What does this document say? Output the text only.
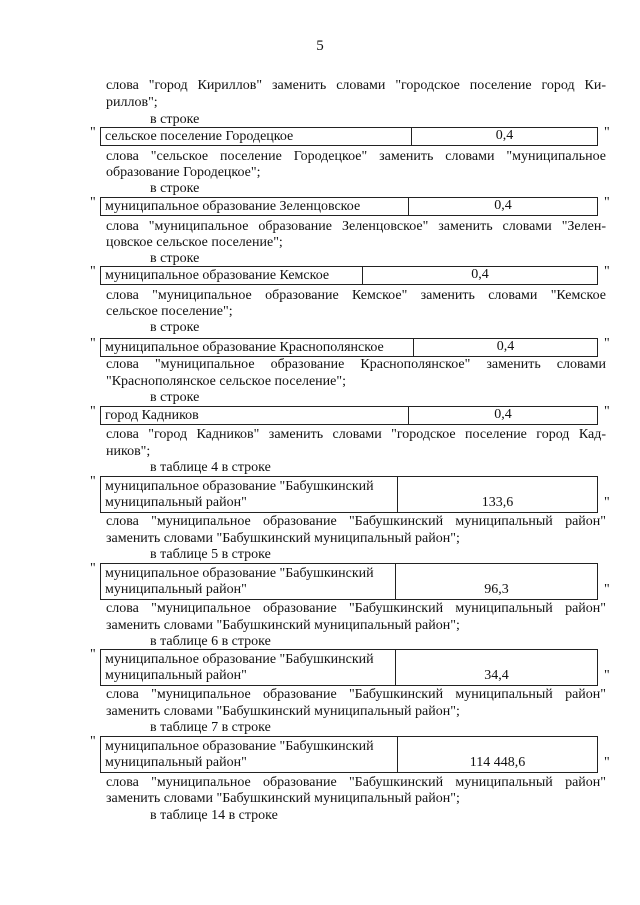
5
слова "город Кириллов" заменить словами "городское поселение город Ки-
риллов";
в строке
" сельское поселение Городецкое	0,4	"
слова "сельское поселение Городецкое" заменить словами "муниципальное
образование Городецкое";
в строке
" муниципальное образование Зеленцовское	0,4	"
слова "муниципальное образование Зеленцовское" заменить словами "Зелен-
цовское сельское поселение";
в строке
" муниципальное образование Кемское	0,4	"
слова "муниципальное образование Кемское" заменить словами "Кемское
сельское поселение";
в строке
" муниципальное образование Краснополянское	0,4	"
слова "муниципальное образование Краснополянское" заменить словами
"Краснополянское сельское поселение";
в строке
" город Кадников	0,4	"
слова "город Кадников" заменить словами "городское поселение город Кад-
ников";
в таблице 4 в строке
" муниципальное образование "Бабушкинский
муниципальный район"	133,6	"
слова "муниципальное образование "Бабушкинский муниципальный район"
заменить словами "Бабушкинский муниципальный район";
в таблице 5 в строке
" муниципальное образование "Бабушкинский
муниципальный район"	96,3	"
слова "муниципальное образование "Бабушкинский муниципальный район"
заменить словами "Бабушкинский муниципальный район";
в таблице 6 в строке
" муниципальное образование "Бабушкинский
муниципальный район"	34,4	"
слова "муниципальное образование "Бабушкинский муниципальный район"
заменить словами "Бабушкинский муниципальный район";
в таблице 7 в строке
" муниципальное образование "Бабушкинский
муниципальный район"	114 448,6	"
слова "муниципальное образование "Бабушкинский муниципальный район"
заменить словами "Бабушкинский муниципальный район";
в таблице 14 в строке
